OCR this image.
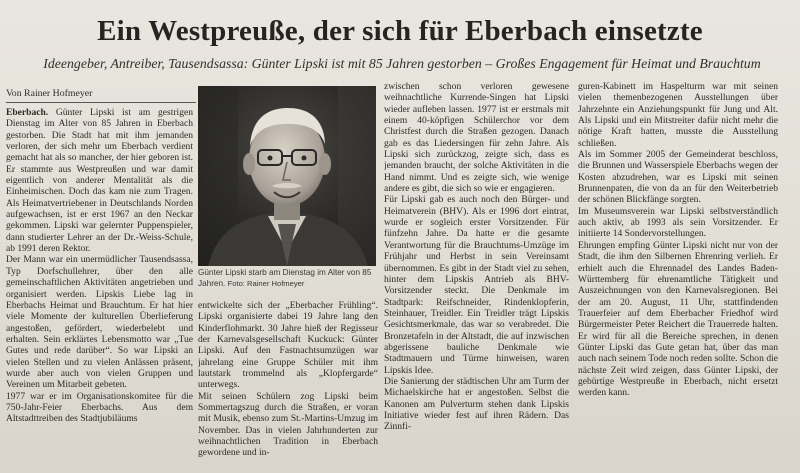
Ein Westpreuße, der sich für Eberbach einsetzte
Ideengeber, Antreiber, Tausendsassa: Günter Lipski ist mit 85 Jahren gestorben – Großes Engagement für Heimat und Brauchtum
Von Rainer Hofmeyer
Eberbach. Günter Lipski ist am gestrigen Dienstag im Alter von 85 Jahren in Eberbach gestorben. Die Stadt hat mit ihm jemanden verloren, der sich mehr um Eberbach verdient gemacht hat als so mancher, der hier geboren ist. Er stammte aus Westpreußen und war damit eigentlich von anderer Mentalität als die Einheimischen. Doch das kam nie zum Tragen. Als Heimatvertriebener in Deutschlands Norden aufgewachsen, ist er erst 1967 an den Neckar gekommen. Lipski war gelernter Puppenspieler, dann studierter Lehrer an der Dr.-Weiss-Schule, ab 1991 deren Rektor.
Der Mann war ein unermüdlicher Tausendsassa, Typ Dorfschullehrer, über den alle gemeinschaftlichen Aktivitäten angetrieben und organisiert werden. Lipskis Liebe lag in Eberbachs Heimat und Brauchtum. Er hat hier viele Momente der kulturellen Überlieferung angestoßen, gefördert, wiederbelebt und erhalten. Sein erklärtes Lebensmotto war „Tue Gutes und rede darüber“. So war Lipski an vielen Stellen und zu vielen Anlässen präsent, wurde aber auch von vielen Gruppen und Vereinen um Mitarbeit gebeten.
1977 war er im Organisationskomitee für die 750-Jahr-Feier Eberbachs. Aus dem Altstadttreiben des Stadtjubiläums
Günter Lipski starb am Dienstag im Alter von 85 Jahren. Foto: Rainer Hofmeyer
entwickelte sich der „Eberbacher Frühling“. Lipski organisierte dabei 19 Jahre lang den Kinderflohmarkt. 30 Jahre hieß der Regisseur der Karnevalsgesellschaft Kuckuck: Günter Lipski. Auf den Fastnachtsumzügen war jahrelang eine Gruppe Schüler mit ihm lautstark trommelnd als „Klopfergarde“ unterwegs.
Mit seinen Schülern zog Lipski beim Sommertagszug durch die Straßen, er voran mit Musik, ebenso zum St.-Martins-Umzug im November. Das in vielen Jahrhunderten zur weihnachtlichen Tradition in Eberbach gewordene und in-
zwischen schon verloren gewesene weihnachtliche Kurrende-Singen hat Lipski wieder aufleben lassen. 1977 ist er erstmals mit einem 40-köpfigen Schülerchor vor dem Christfest durch die Straßen gezogen. Danach gab es das Liedersingen für zehn Jahre. Als Lipski sich zurückzog, zeigte sich, dass es jemanden braucht, der solche Aktivitäten in die Hand nimmt. Und es zeigte sich, wie wenige andere es gibt, die sich so wie er engagieren.
Für Lipski gab es auch noch den Bürger- und Heimatverein (BHV). Als er 1996 dort eintrat, wurde er sogleich erster Vorsitzender. Für fünfzehn Jahre. Da hatte er die gesamte Verantwortung für die Brauchtums-Umzüge im Frühjahr und Herbst in sein Vereinsamt übernommen. Es gibt in der Stadt viel zu sehen, hinter dem Lipskis Antrieb als BHV-Vorsitzender steckt. Die Denkmale im Stadtpark: Reifschneider, Rindenklopferin, Steinhauer, Treidler. Ein Treidler trägt Lipskis Gesichtsmerkmale, das war so verabredet. Die Bronzetafeln in der Altstadt, die auf inzwischen abgerissene bauliche Denkmale wie Stadtmauern und Türme hinweisen, waren Lipskis Idee.
Die Sanierung der städtischen Uhr am Turm der Michaelskirche hat er angestoßen. Selbst die Kanonen am Pulverturm stehen dank Lipskis Initiative wieder fest auf ihren Rädern. Das Zinnfi-
guren-Kabinett im Haspelturm war mit seinen vielen themenbezogenen Ausstellungen über Jahrzehnte ein Anziehungspunkt für Jung und Alt. Als Lipski und ein Mitstreiter dafür nicht mehr die nötige Kraft hatten, musste die Ausstellung schließen.
Als im Sommer 2005 der Gemeinderat beschloss, die Brunnen und Wasserspiele Eberbachs wegen der Kosten abzudrehen, war es Lipski mit seinen Brunnenpaten, die von da an für den Weiterbetrieb der schönen Blickfänge sorgten.
Im Museumsverein war Lipski selbstverständlich auch aktiv, ab 1993 als sein Vorsitzender. Er initiierte 14 Sondervorstellungen.
Ehrungen empfing Günter Lipski nicht nur von der Stadt, die ihm den Silbernen Ehrenring verlieh. Er erhielt auch die Ehrennadel des Landes Baden-Württemberg für ehrenamtliche Tätigkeit und Auszeichnungen von den Karnevalsregionen. Bei der am 20. August, 11 Uhr, stattfindenden Trauerfeier auf dem Eberbacher Friedhof wird Bürgermeister Peter Reichert die Trauerrede halten. Er wird für all die Bereiche sprechen, in denen Günter Lipski das Gute getan hat, über das man auch nach seinem Tode noch reden sollte. Schon die nächste Zeit wird zeigen, dass Günter Lipski, der gebürtige Westpreuße in Eberbach, nicht ersetzt werden kann.
